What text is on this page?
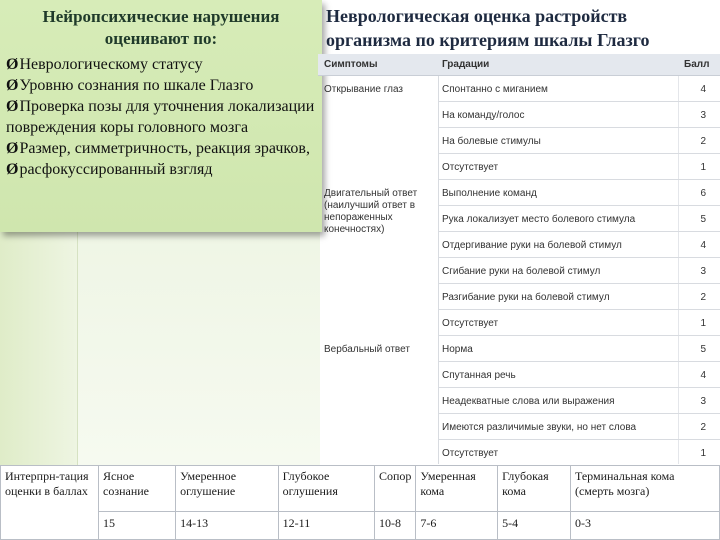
Нейропсихические нарушения
оценивают по:
Ø Неврологическому статусу
Ø Уровню сознания по шкале Глазго
Ø Проверка позы для уточнения локализации повреждения коры головного мозга
Ø Размер, симметричность, реакция зрачков,
Ø расфокуссированный взгляд
Неврологическая оценка растройств
организма по критериям шкалы Глазго
Симптомы	Градации	Балл
Открывание глаз	Спонтанно с миганием	4
На команду/голос	3
На болевые стимулы	2
Отсутствует	1
Двигательный ответ (наилучший ответ в непораженных конечностях)
Выполнение команд	6
Рука локализует место болевого стимула	5
Отдергивание руки на болевой стимул	4
Сгибание руки на болевой стимул	3
Разгибание руки на болевой стимул	2
Отсутствует	1
Вербальный ответ	Норма	5
Спутанная речь	4
Неадекватные слова или выражения	3
Имеются различимые звуки, но нет слова	2
Отсутствует	1
Интерпрн-тация оценки в баллах	Ясное сознание	Умеренное оглушение	Глубокое оглушения	Сопор	Умеренная кома	Глубокая кома	Терминальная кома (смерть мозга)
	15	14-13	12-11	10-8	7-6	5-4	0-3
